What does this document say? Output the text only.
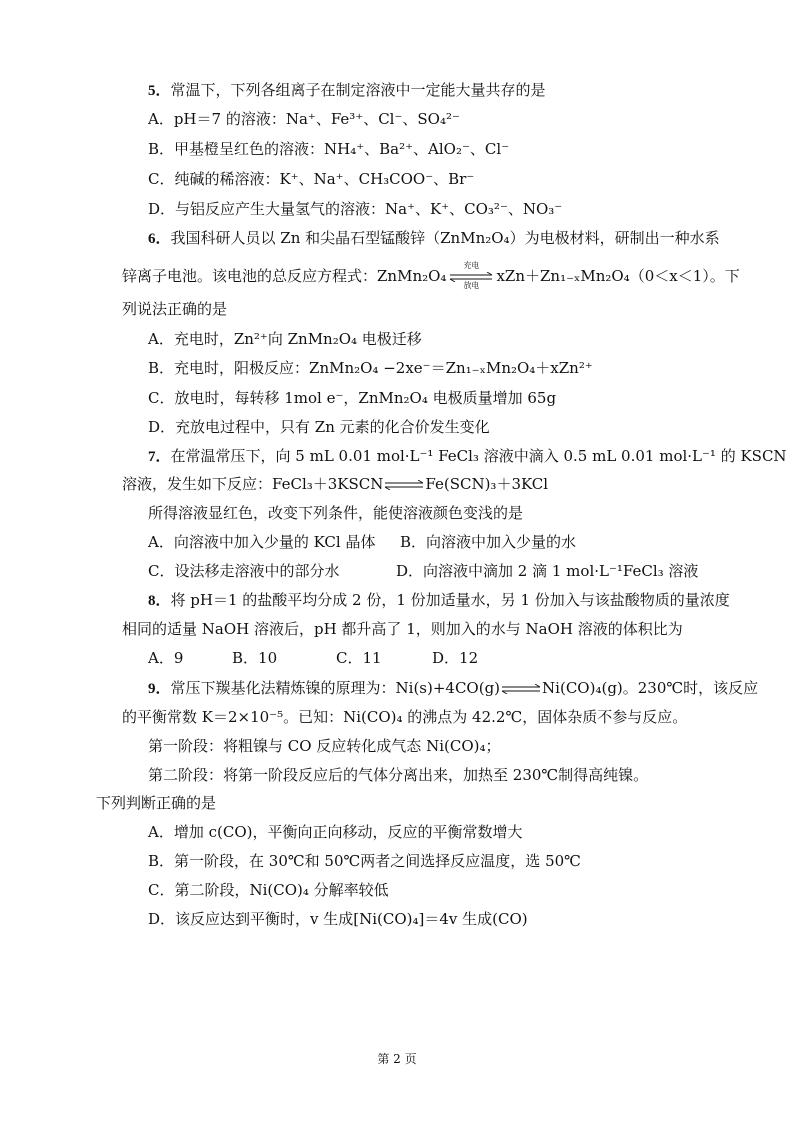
5．常温下，下列各组离子在制定溶液中一定能大量共存的是
A．pH＝7 的溶液：Na⁺、Fe³⁺、Cl⁻、SO₄²⁻
B．甲基橙呈红色的溶液：NH₄⁺、Ba²⁺、AlO₂⁻、Cl⁻
C．纯碱的稀溶液：K⁺、Na⁺、CH₃COO⁻、Br⁻
D．与铝反应产生大量氢气的溶液：Na⁺、K⁺、CO₃²⁻、NO₃⁻
6．我国科研人员以 Zn 和尖晶石型锰酸锌（ZnMn₂O₄）为电极材料，研制出一种水系
锌离子电池。该电池的总反应方程式：ZnMn₂O₄
充电
放电
xZn＋Zn₁₋ₓMn₂O₄（0＜x＜1）。下
列说法正确的是
A．充电时，Zn²⁺向 ZnMn₂O₄ 电极迁移
B．充电时，阳极反应：ZnMn₂O₄ −2xe⁻＝Zn₁₋ₓMn₂O₄＋xZn²⁺
C．放电时，每转移 1mol e⁻，ZnMn₂O₄ 电极质量增加 65g
D．充放电过程中，只有 Zn 元素的化合价发生变化
7．在常温常压下，向 5 mL 0.01 mol·L⁻¹ FeCl₃ 溶液中滴入 0.5 mL 0.01 mol·L⁻¹ 的 KSCN
溶液，发生如下反应：FeCl₃＋3KSCN⇌Fe(SCN)₃＋3KCl
所得溶液显红色，改变下列条件，能使溶液颜色变浅的是
A．向溶液中加入少量的 KCl 晶体 B．向溶液中加入少量的水
C．设法移走溶液中的部分水	D．向溶液中滴加 2 滴 1 mol·L⁻¹FeCl₃ 溶液
8．将 pH＝1 的盐酸平均分成 2 份，1 份加适量水，另 1 份加入与该盐酸物质的量浓度
相同的适量 NaOH 溶液后，pH 都升高了 1，则加入的水与 NaOH 溶液的体积比为
A．9	B．10	C．11	D．12
9．常压下羰基化法精炼镍的原理为：Ni(s)+4CO(g)⇌Ni(CO)₄(g)。230℃时，该反应
的平衡常数 K＝2×10⁻⁵。已知：Ni(CO)₄ 的沸点为 42.2℃，固体杂质不参与反应。
第一阶段：将粗镍与 CO 反应转化成气态 Ni(CO)₄；
第二阶段：将第一阶段反应后的气体分离出来，加热至 230℃制得高纯镍。
下列判断正确的是
A．增加 c(CO)，平衡向正向移动，反应的平衡常数增大
B．第一阶段，在 30℃和 50℃两者之间选择反应温度，选 50℃
C．第二阶段，Ni(CO)₄ 分解率较低
D．该反应达到平衡时，v 生成[Ni(CO)₄]＝4v 生成(CO)
第 2 页
